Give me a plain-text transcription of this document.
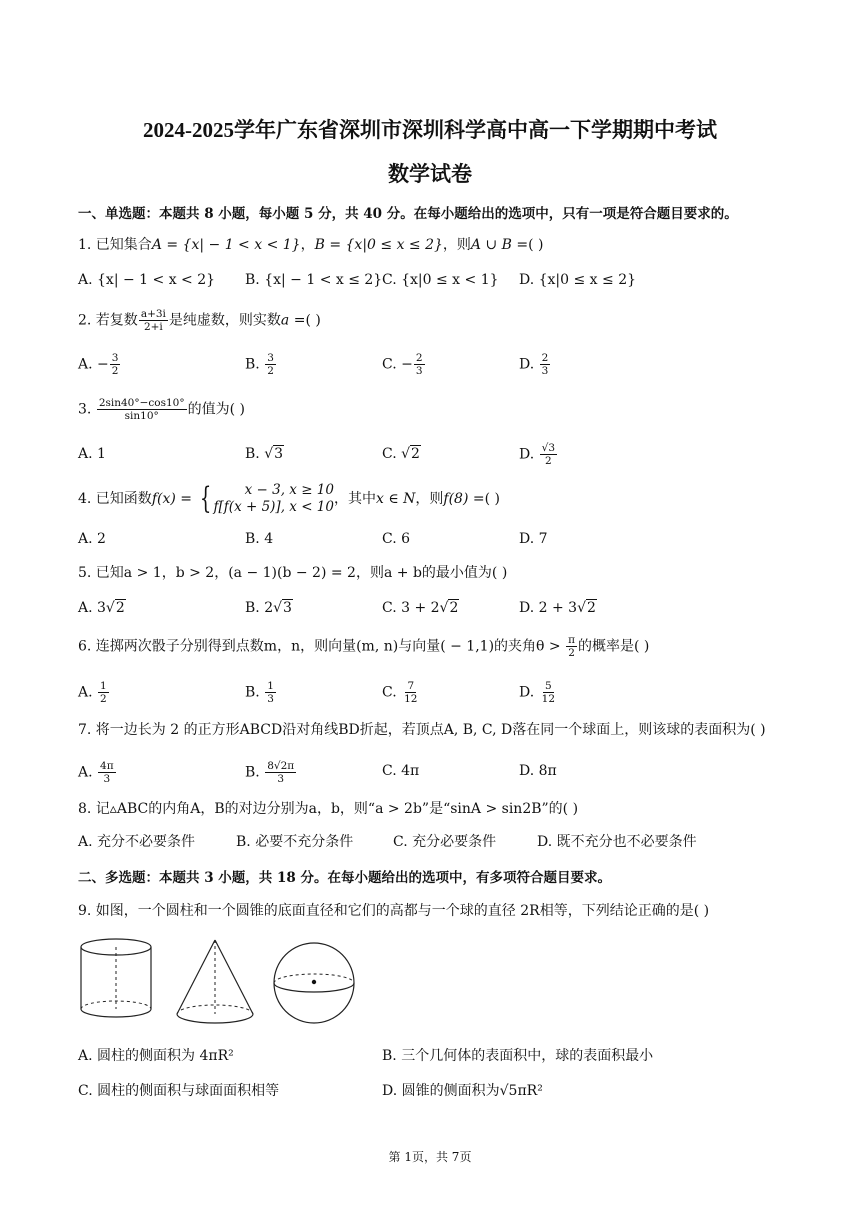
2024-2025学年广东省深圳市深圳科学高中高一下学期期中考试
数学试卷
一、单选题：本题共 8 小题，每小题 5 分，共 40 分。在每小题给出的选项中，只有一项是符合题目要求的。
1. 已知集合A = {x| − 1 < x < 1}，B = {x|0 ≤ x ≤ 2}，则A ∪ B =( )
A. {x| − 1 < x < 2} B. {x| − 1 < x ≤ 2} C. {x|0 ≤ x < 1} D. {x|0 ≤ x ≤ 2}
2. 若复数 $\frac{a+3i}{2+i}$ 是纯虚数，则实数a =( )
A. − $\frac{3}{2}$	B. $\frac{3}{2}$	C. − $\frac{2}{3}$	D. $\frac{2}{3}$
3. $\frac{2\sin 40^\circ-\cos 10^\circ}{\sin 10^\circ}$ 的值为( )
A. 1	B. √3	C. √2	D. $\frac{√3}{2}$
4. 已知函数f(x) = {	x − 3, x ≥ 10
f[f(x + 5)], x < 10 ，其中x ∈ N，则f(8) =( )
A. 2	B. 4	C. 6	D. 7
5. 已知a > 1，b > 2，(a − 1)(b − 2) = 2，则a + b的最小值为( )
A. 3√2	B. 2√3	C. 3 + 2√2	D. 2 + 3√2
6. 连掷两次骰子分别得到点数m，n，则向量(m, n)与向量( − 1,1)的夹角$\theta > \frac{\pi}{2}$ 的概率是( )
A. $\frac{1}{2}$	B. $\frac{1}{3}$	C. $\frac{7}{12}$	D. $\frac{5}{12}$
7. 将一边长为 2 的正方形ABCD沿对角线BD折起，若顶点A, B, C, D落在同一个球面上，则该球的表面积为( )
A. $\frac{4\pi}{3}$	B. $\frac{8√2\pi}{3}$	C. 4π	D. 8π
8. 记▵ABC的内角A，B的对边分别为a，b，则“a > 2b”是“sinA > sin2B”的( )
A. 充分不必要条件	B. 必要不充分条件	C. 充分必要条件	D. 既不充分也不必要条件
二、多选题：本题共 3 小题，共 18 分。在每小题给出的选项中，有多项符合题目要求。
9. 如图，一个圆柱和一个圆锥的底面直径和它们的高都与一个球的直径 2R相等，下列结论正确的是( )
A. 圆柱的侧面积为 4πR²	B. 三个几何体的表面积中，球的表面积最小
C. 圆柱的侧面积与球面面积相等	D. 圆锥的侧面积为√5πR²
第 1页，共 7页
